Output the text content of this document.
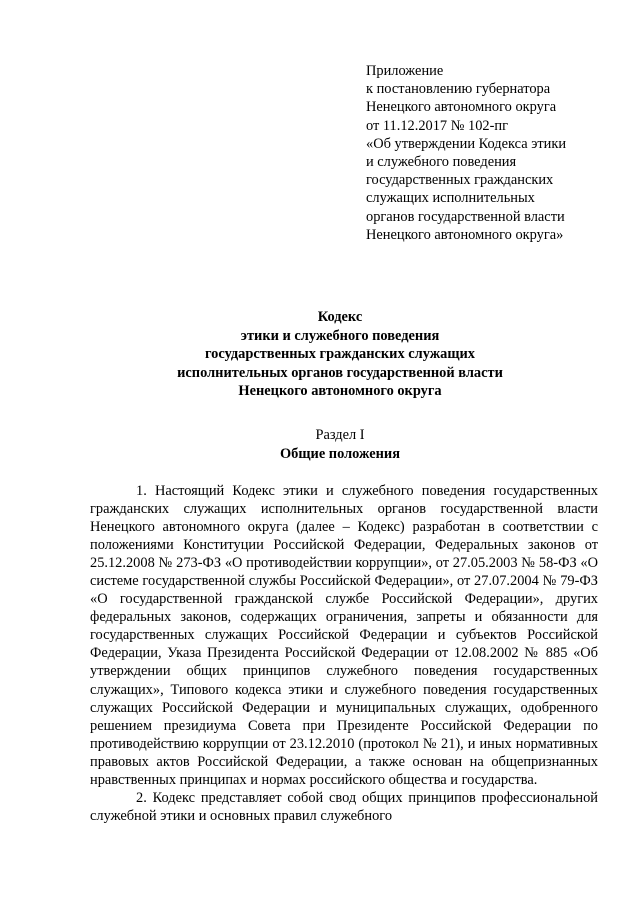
Приложение
к постановлению губернатора
Ненецкого автономного округа
от 11.12.2017 № 102-пг
«Об утверждении Кодекса этики
и служебного поведения
государственных гражданских
служащих исполнительных
органов государственной власти
Ненецкого автономного округа»
Кодекс
этики и служебного поведения
государственных гражданских служащих
исполнительных органов государственной власти
Ненецкого автономного округа
Раздел I
Общие положения

1. Настоящий Кодекс этики и служебного поведения государственных гражданских служащих исполнительных органов государственной власти Ненецкого автономного округа (далее – Кодекс) разработан в соответствии с положениями Конституции Российской Федерации, Федеральных законов от 25.12.2008 № 273-ФЗ «О противодействии коррупции», от 27.05.2003 № 58-ФЗ «О системе государственной службы Российской Федерации», от 27.07.2004 № 79-ФЗ «О государственной гражданской службе Российской Федерации», других федеральных законов, содержащих ограничения, запреты и обязанности для государственных служащих Российской Федерации и субъектов Российской Федерации, Указа Президента Российской Федерации от 12.08.2002 № 885 «Об утверждении общих принципов служебного поведения государственных служащих», Типового кодекса этики и служебного поведения государственных служащих Российской Федерации и муниципальных служащих, одобренного решением президиума Совета при Президенте Российской Федерации по противодействию коррупции от 23.12.2010 (протокол № 21), и иных нормативных правовых актов Российской Федерации, а также основан на общепризнанных нравственных принципах и нормах российского общества и государства.

2. Кодекс представляет собой свод общих принципов профессиональной служебной этики и основных правил служебного
